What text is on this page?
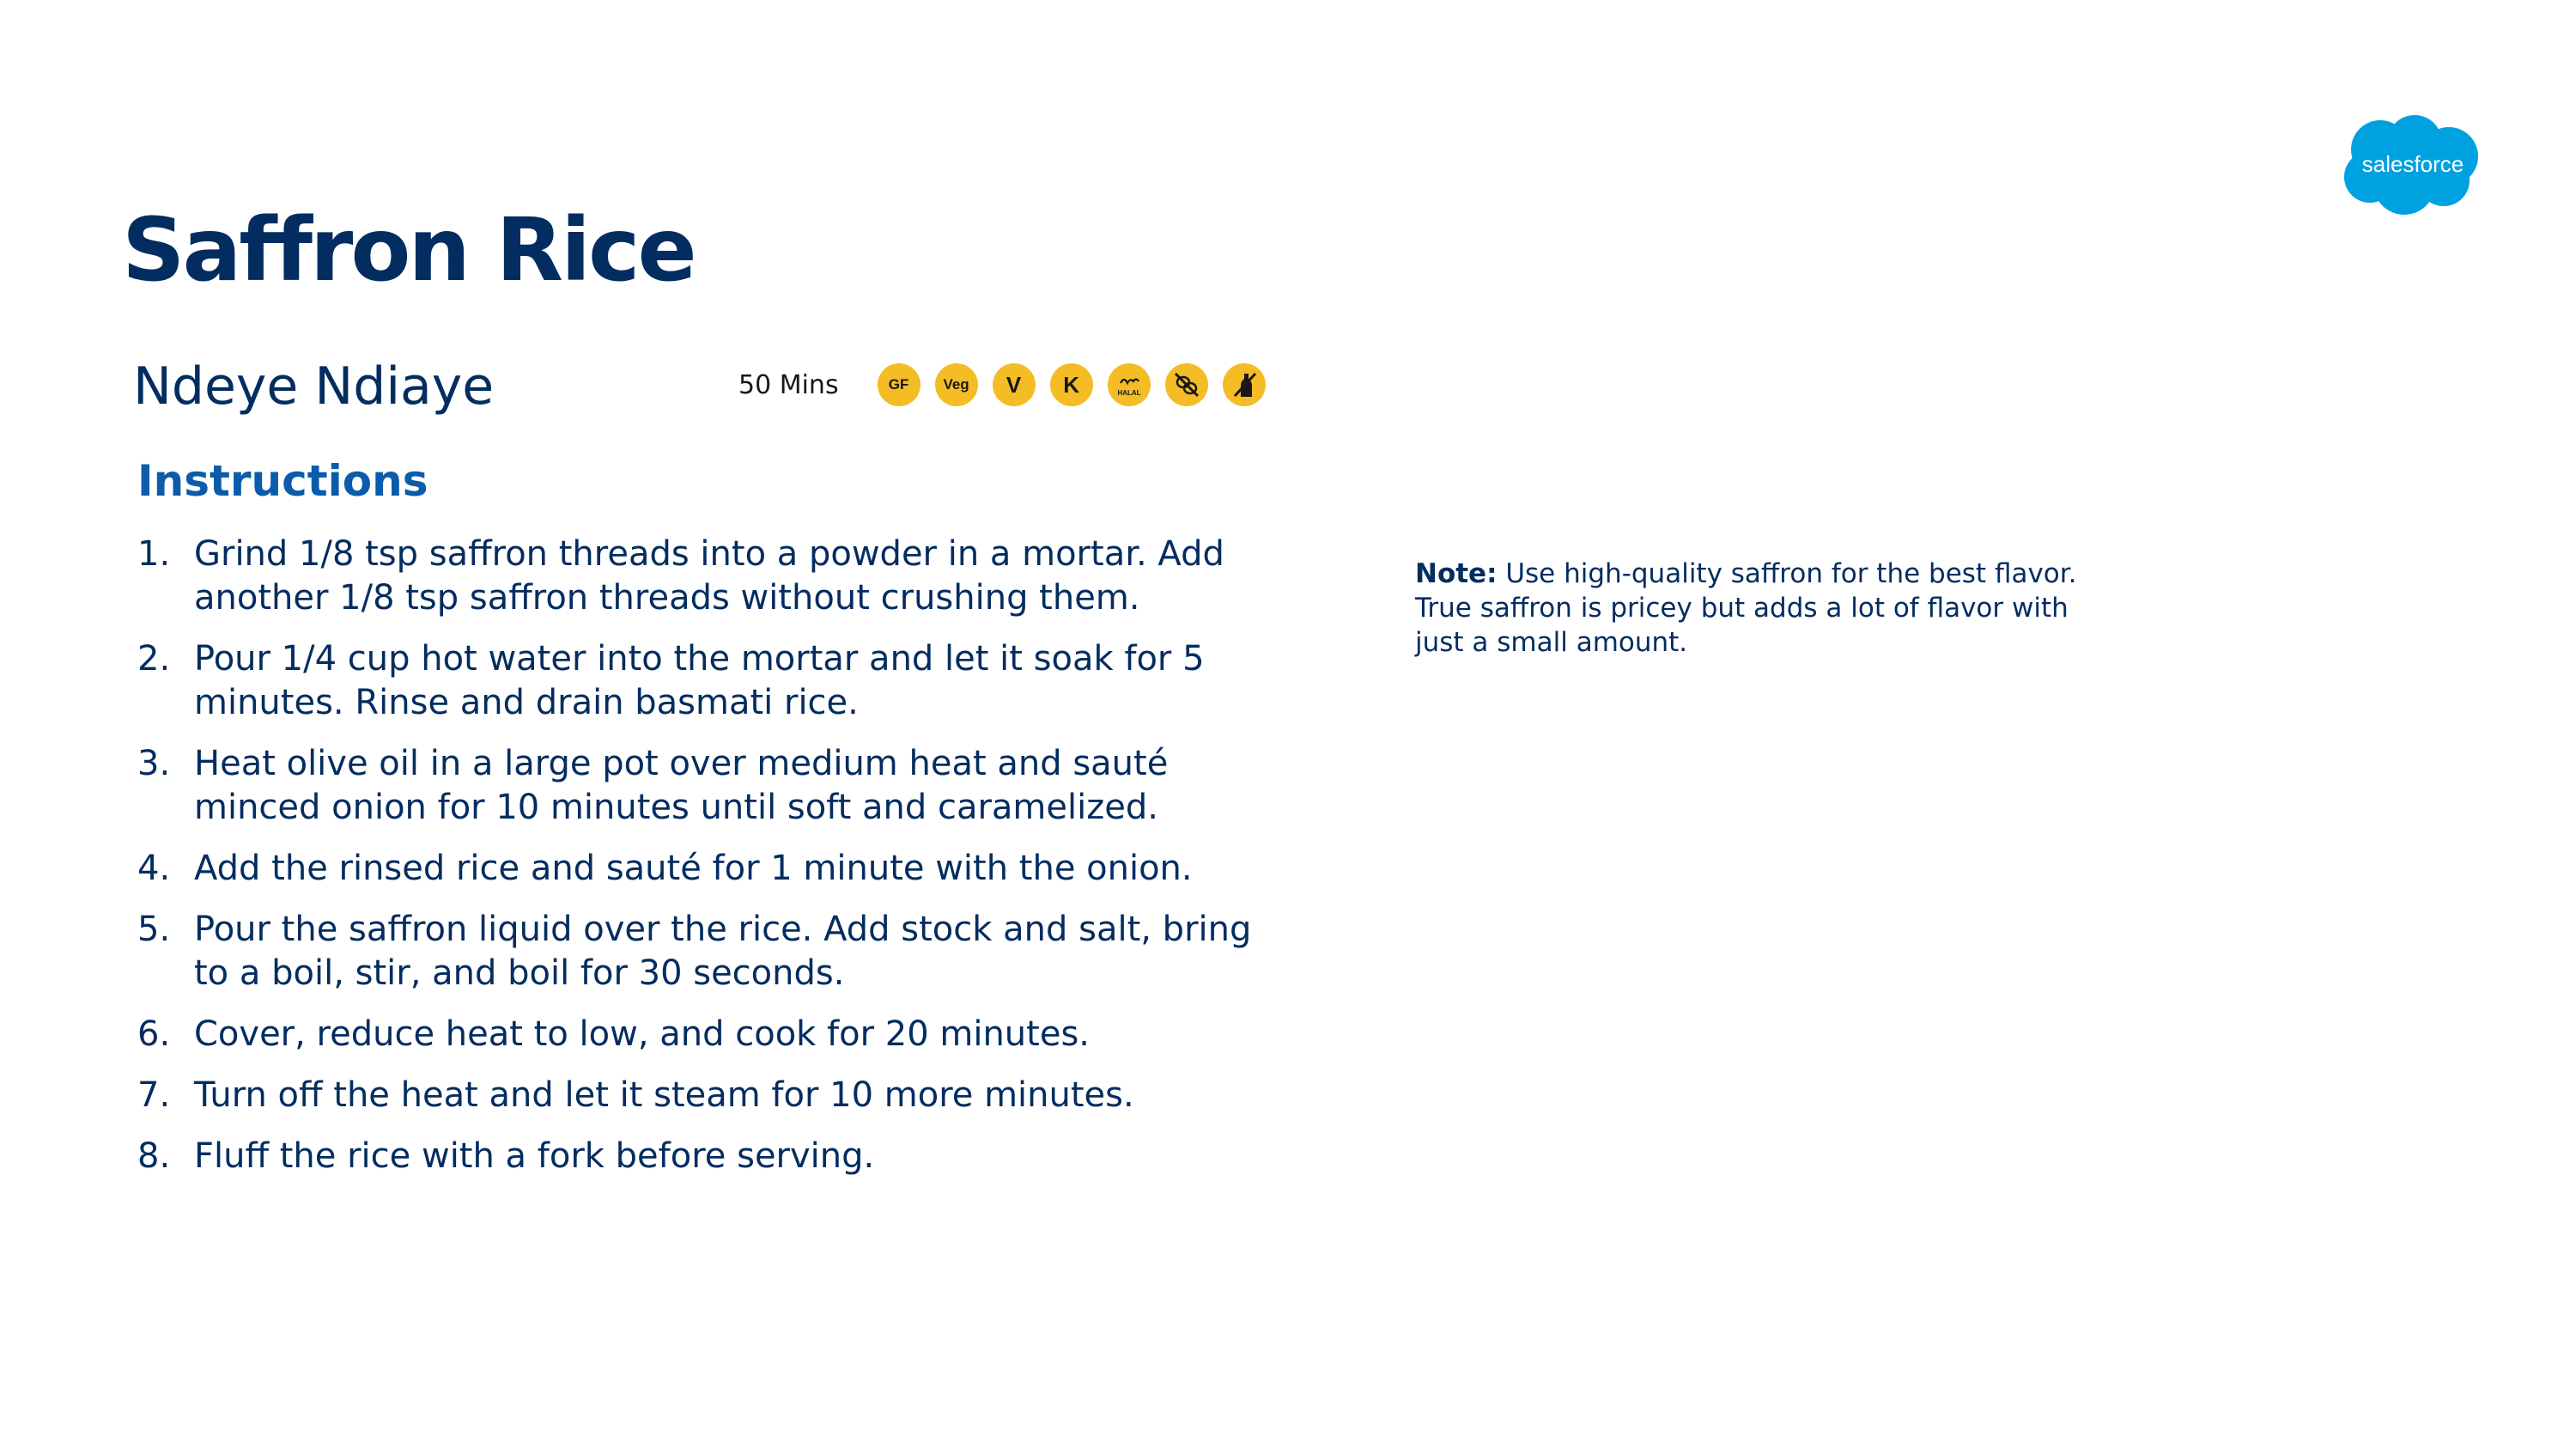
salesforce
Saffron Rice
Ndeye Ndiaye	50 Mins	GF Veg V K	HALAL
Instructions
1. Grind 1/8 tsp saffron threads into a powder in a mortar. Add another 1/8 tsp saffron threads without crushing them.
2. Pour 1/4 cup hot water into the mortar and let it soak for 5 minutes. Rinse and drain basmati rice.
3. Heat olive oil in a large pot over medium heat and sauté minced onion for 10 minutes until soft and caramelized.
4. Add the rinsed rice and sauté for 1 minute with the onion.
5. Pour the saffron liquid over the rice. Add stock and salt, bring to a boil, stir, and boil for 30 seconds.
6. Cover, reduce heat to low, and cook for 20 minutes.
7. Turn off the heat and let it steam for 10 more minutes.
8. Fluff the rice with a fork before serving.
Note: Use high-quality saffron for the best flavor. True saffron is pricey but adds a lot of flavor with just a small amount.
